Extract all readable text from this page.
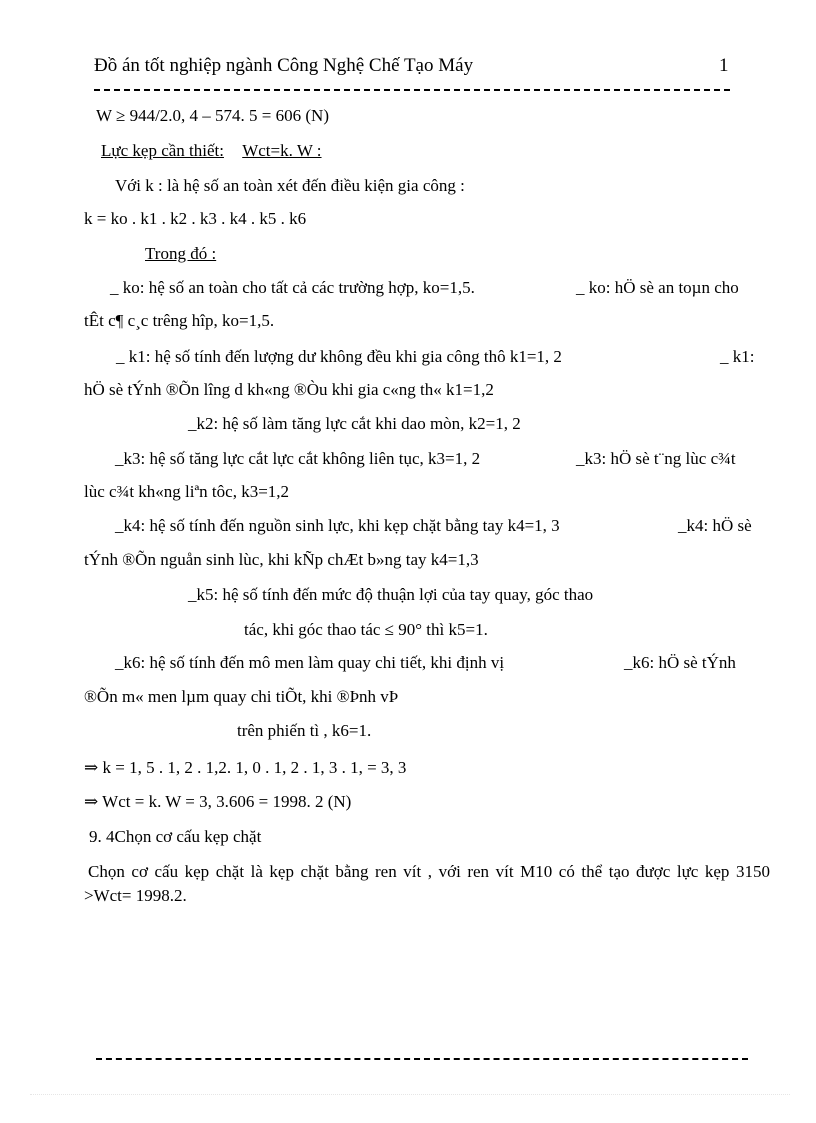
Đồ án tốt nghiệp ngành Công Nghệ Chế Tạo Máy	1
W ≥ 944/2.0, 4 – 574. 5 = 606 (N)
Lực kẹp cần thiết: Wct=k. W :
Với k : là hệ số an toàn xét đến điều kiện gia công :
k = ko . k1 . k2 . k3 . k4 . k5 . k6
Trong đó :
_ ko: hệ số an toàn cho tất cả các trường hợp, ko=1,5.	_ ko: hÖ sè an toµn cho
tÊt c¶ c¸c trêng hîp, ko=1,5.
_ k1: hệ số tính đến lượng dư không đều khi gia công thô k1=1, 2	_ k1:
hÖ sè tÝnh ®Õn lîng d kh«ng ®Òu khi gia c«ng th« k1=1,2
_k2: hệ số làm tăng lực cắt khi dao mòn, k2=1, 2
_k3: hệ số tăng lực cắt lực cắt không liên tục, k3=1, 2	_k3: hÖ sè t¨ng lùc c¾t
lùc c¾t kh«ng liªn tôc, k3=1,2
_k4: hệ số tính đến nguồn sinh lực, khi kẹp chặt bằng tay k4=1, 3	_k4: hÖ sè
tÝnh ®Õn nguån sinh lùc, khi kÑp chÆt b»ng tay k4=1,3
_k5: hệ số tính đến mức độ thuận lợi của tay quay, góc thao
tác, khi góc thao tác ≤ 90° thì k5=1.
_k6: hệ số tính đến mô men làm quay chi tiết, khi định vị	_k6: hÖ sè tÝnh
®Õn m« men lµm quay chi tiÕt, khi ®Þnh vÞ
trên phiến tì , k6=1.
⇒ k = 1, 5 . 1, 2 . 1,2. 1, 0 . 1, 2 . 1, 3 . 1, = 3, 3
⇒ Wct = k. W = 3, 3.606 = 1998. 2 (N)
9. 4Chọn cơ cấu kẹp chặt
Chọn cơ cấu kẹp chặt là kẹp chặt bằng ren vít , với ren vít M10 có thể tạo được lực kẹp 3150 >Wct= 1998.2.
